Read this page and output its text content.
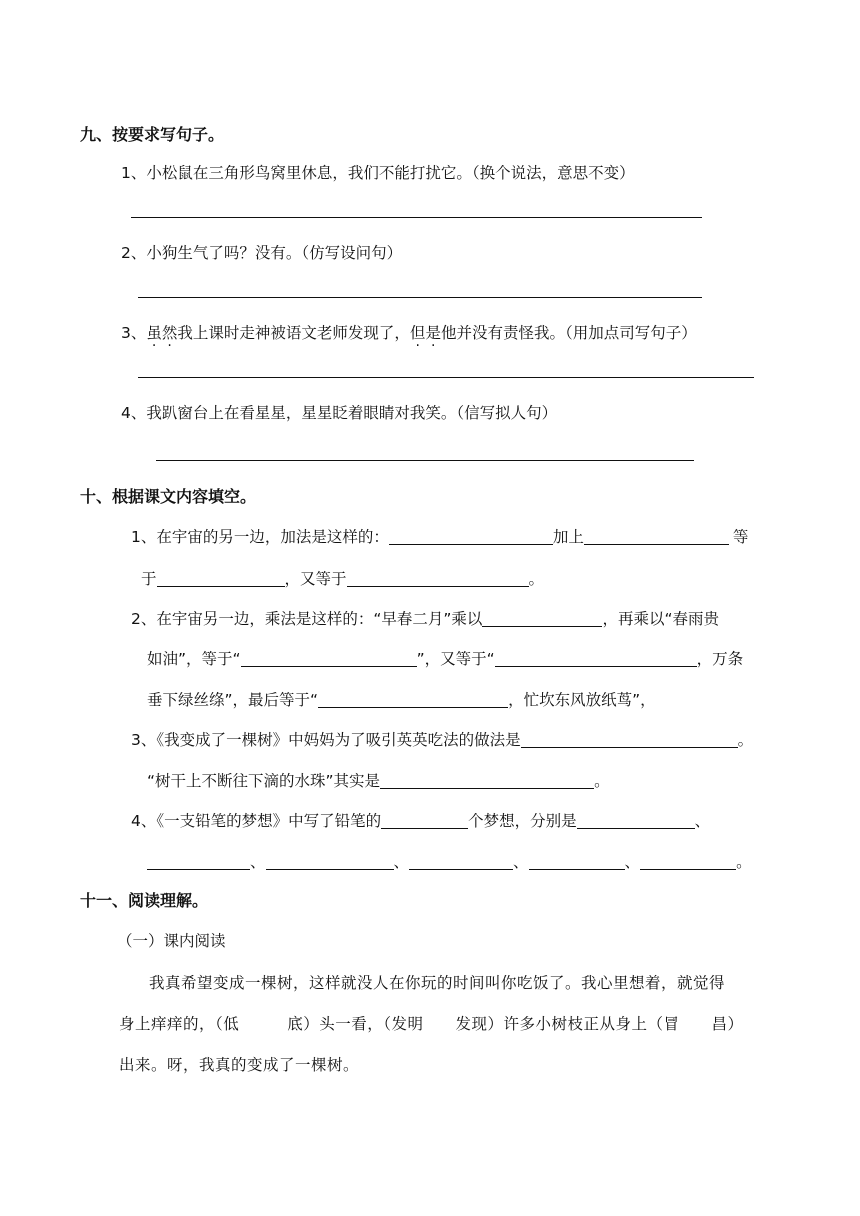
九、按要求写句子。
1、小松鼠在三角形鸟窝里休息，我们不能打扰它。（换个说法，意思不变）
2、小狗生气了吗？没有。（仿写设问句）
3、虽然我上课时走神被语文老师发现了，但是他并没有责怪我。（用加点司写句子）
4、我趴窗台上在看星星，星星眨着眼睛对我笑。（信写拟人句）
十、根据课文内容填空。
1、在宇宙的另一边，加法是这样的：	加上	等
于	，又等于	。
2、在宇宙另一边，乘法是这样的：“早春二月”乘以	，再乘以“春雨贵
如油”，等于“	”，又等于“	，万条
垂下绿丝绦”，最后等于“	，忙坎东风放纸茑”，
3、《我变成了一棵树》中妈妈为了吸引英英吃法的做法是	。
“树干上不断往下滴的水珠”其实是	。
4、《一支铅笔的梦想》中写了铅笔的	个梦想，分别是	、
、	、	、	、	。
十一、阅读理解。
（一）课内阅读
我真希望变成一棵树，这样就没人在你玩的时间叫你吃饭了。我心里想着，就觉得
身上痒痒的，（低　　　底）头一看，（发明　　发现）许多小树枝正从身上（冒　　昌）
出来。呀，我真的变成了一棵树。
